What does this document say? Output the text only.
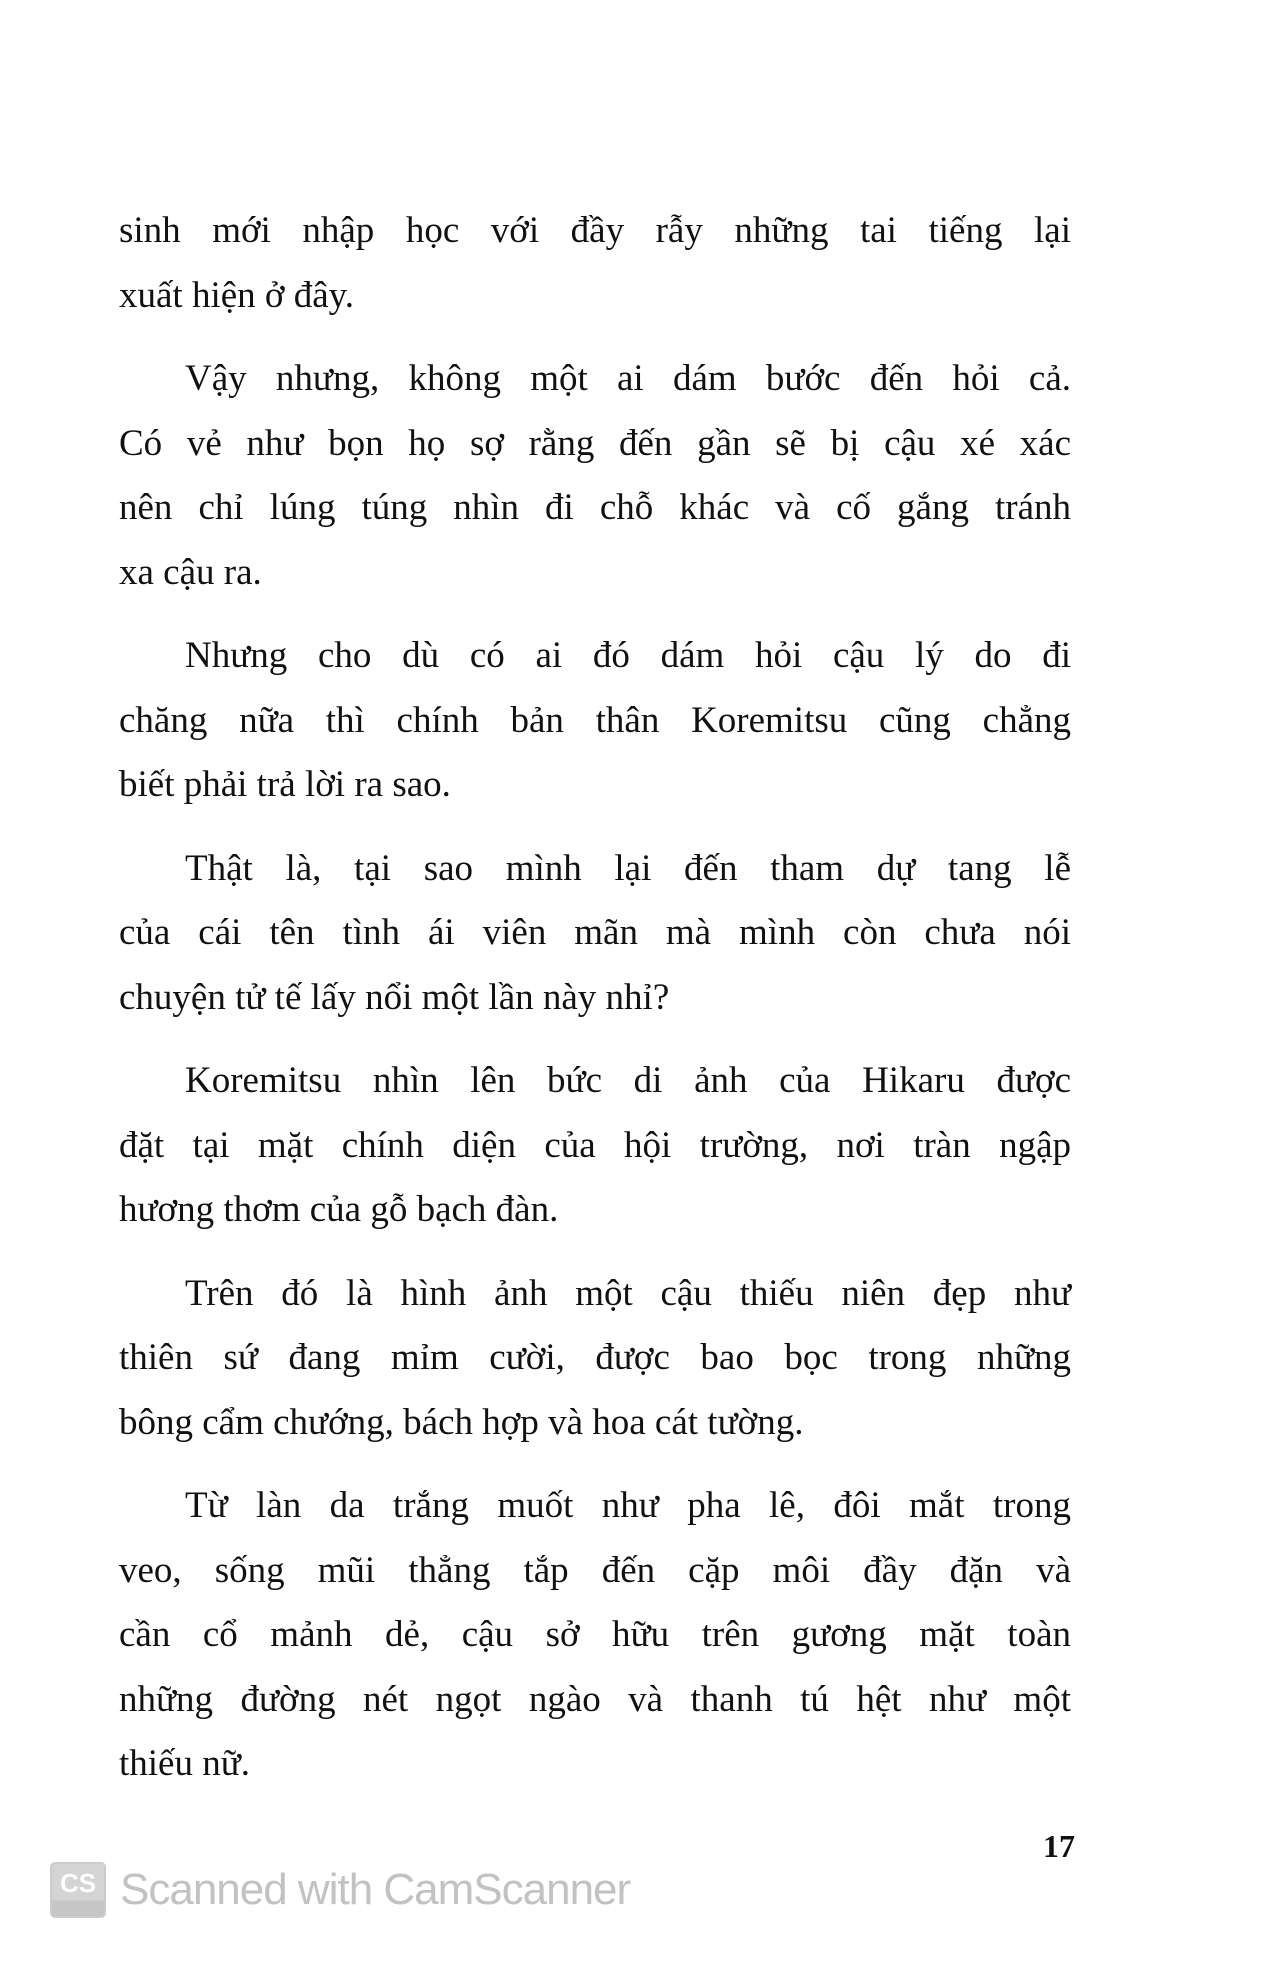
sinh mới nhập học với đầy rẫy những tai tiếng lại
xuất hiện ở đây.
Vậy nhưng, không một ai dám bước đến hỏi cả.
Có vẻ như bọn họ sợ rằng đến gần sẽ bị cậu xé xác
nên chỉ lúng túng nhìn đi chỗ khác và cố gắng tránh
xa cậu ra.
Nhưng cho dù có ai đó dám hỏi cậu lý do đi
chăng nữa thì chính bản thân Koremitsu cũng chẳng
biết phải trả lời ra sao.
Thật là, tại sao mình lại đến tham dự tang lễ
của cái tên tình ái viên mãn mà mình còn chưa nói
chuyện tử tế lấy nổi một lần này nhỉ?
Koremitsu nhìn lên bức di ảnh của Hikaru được
đặt tại mặt chính diện của hội trường, nơi tràn ngập
hương thơm của gỗ bạch đàn.
Trên đó là hình ảnh một cậu thiếu niên đẹp như
thiên sứ đang mỉm cười, được bao bọc trong những
bông cẩm chướng, bách hợp và hoa cát tường.
Từ làn da trắng muốt như pha lê, đôi mắt trong
veo, sống mũi thẳng tắp đến cặp môi đầy đặn và
cần cổ mảnh dẻ, cậu sở hữu trên gương mặt toàn
những đường nét ngọt ngào và thanh tú hệt như một
thiếu nữ.
17
CS Scanned with CamScanner
